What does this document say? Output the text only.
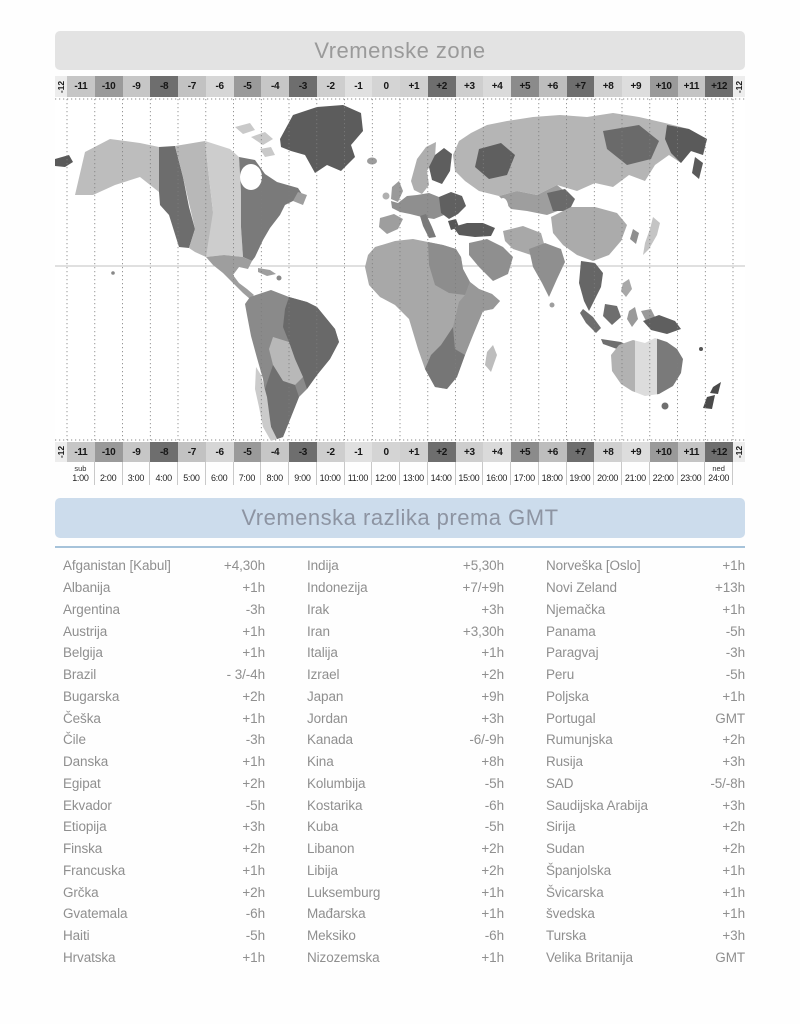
Vremenske zone
-12 -11	-10	-9	-8	-7	-6	-5	-4	-3	-2	-1	0	+1	+2	+3	+4	+5	+6	+7	+8	+9	+10	+11	+12 -12
-12 -11	-10	-9	-8	-7	-6	-5	-4	-3	-2	-1	0	+1	+2	+3	+4	+5	+6	+7	+8	+9	+10	+11	+12 -12
sub
1:00 2:00 3:00 4:00 5:00 6:00 7:00 8:00 9:00 10:00 11:00 12:00 13:00 14:00 15:00 16:00 17:00 18:00 19:00 20:00 21:00 22:00 23:00
ned
24:00
Vremenska razlika prema GMT
Afganistan [Kabul]	+4,30h
Albanija	+1h
Argentina	-3h
Austrija	+1h
Belgija	+1h
Brazil	- 3/-4h
Bugarska	+2h
Češka	+1h
Čile	-3h
Danska	+1h
Egipat	+2h
Ekvador	-5h
Etiopija	+3h
Finska	+2h
Francuska	+1h
Grčka	+2h
Gvatemala	-6h
Haiti	-5h
Hrvatska	+1h
Indija	+5,30h
Indonezija	+7/+9h
Irak	+3h
Iran	+3,30h
Italija	+1h
Izrael	+2h
Japan	+9h
Jordan	+3h
Kanada	-6/-9h
Kina	+8h
Kolumbija	-5h
Kostarika	-6h
Kuba	-5h
Libanon	+2h
Libija	+2h
Luksemburg	+1h
Mađarska	+1h
Meksiko	-6h
Nizozemska	+1h
Norveška [Oslo]	+1h
Novi Zeland	+13h
Njemačka	+1h
Panama	-5h
Paragvaj	-3h
Peru	-5h
Poljska	+1h
Portugal	GMT
Rumunjska	+2h
Rusija	+3h
SAD	-5/-8h
Saudijska Arabija	+3h
Sirija	+2h
Sudan	+2h
Španjolska	+1h
Švicarska	+1h
švedska	+1h
Turska	+3h
Velika Britanija	GMT
